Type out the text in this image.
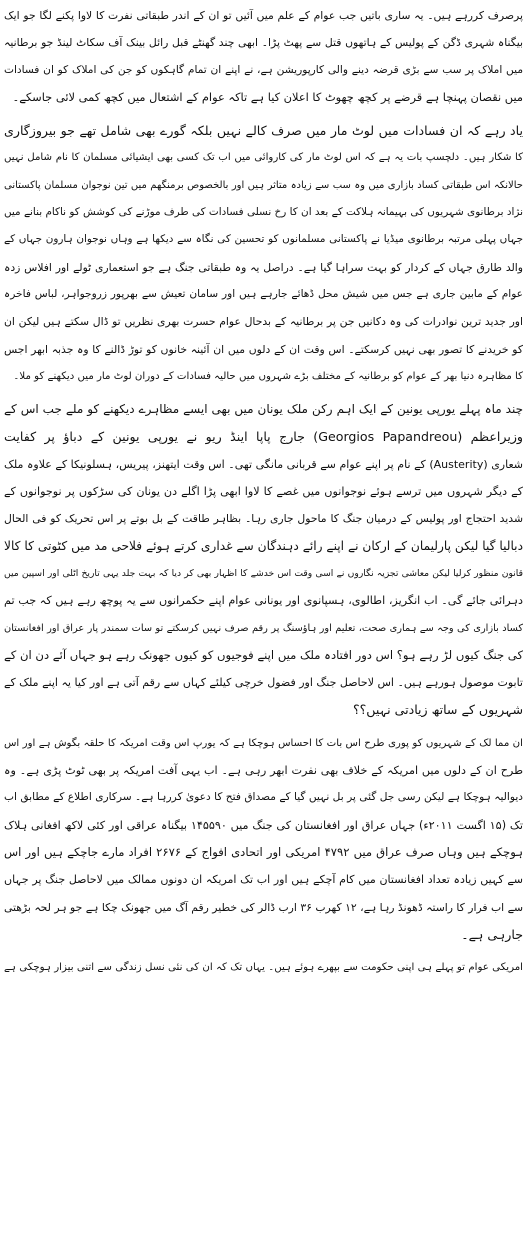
پرصرف کررہے ہیں۔ یہ ساری باتیں جب عوام کے علم میں آئیں تو ان کے اندر طبقاتی نفرت کا لاوا پکنے لگا جو ایک
بیگناہ شہری ڈگن کے پولیس کے ہاتھوں قتل سے پھٹ پڑا۔ ابھی چند گھنٹے قبل رائل بینک آف سکاٹ لینڈ جو برطانیہ
میں املاک پر سب سے بڑی قرضہ دینے والی کارپوریشن ہے، نے اپنے ان تمام گاہکوں کو جن کی املاک کو ان فسادات
میں نقصان پہنچا ہے قرضے پر کچھ چھوٹ کا اعلان کیا ہے تاکہ عوام کے اشتعال میں کچھ کمی لائی جاسکے۔
یاد رہے کہ ان فسادات میں لوٹ مار میں صرف کالے نہیں بلکہ گورے بھی شامل تھے جو بیروزگاری
کا شکار ہیں۔ دلچسپ بات یہ ہے کہ اس لوٹ مار کی کاروائی میں اب تک کسی بھی ایشیائی مسلمان کا نام شامل نہیں
حالانکہ اس طبقاتی کساد بازاری میں وہ سب سے زیادہ متاثر ہیں اور بالخصوص برمنگھم میں تین نوجوان مسلمان پاکستانی
نژاد برطانوی شہریوں کی بہیمانہ ہلاکت کے بعد ان کا رخ نسلی فسادات کی طرف موڑنے کی کوشش کو ناکام بنانے میں
جہاں پہلی مرتبہ برطانوی میڈیا نے پاکستانی مسلمانوں کو تحسین کی نگاہ سے دیکھا ہے وہاں نوجوان ہارون جہاں کے
والد طارق جہاں کے کردار کو بہت سراہا گیا ہے۔ دراصل یہ وہ طبقاتی جنگ ہے جو استعماری ٹولے اور افلاس زدہ
عوام کے مابین جاری ہے جس میں شیش محل ڈھائے جارہے ہیں اور سامان تعیش سے بھرپور زروجواہر، لباس فاخرہ
اور جدید ترین نوادرات کی وہ دکانیں جن پر برطانیہ کے بدحال عوام حسرت بھری نظریں تو ڈال سکتے ہیں لیکن ان
کو خریدنے کا تصور بھی نہیں کرسکتے۔ اس وقت ان کے دلوں میں ان آئینہ خانوں کو توڑ ڈالنے کا وہ جذبہ ابھر اجس
کا مظاہرہ دنیا بھر کے عوام کو برطانیہ کے مختلف بڑے شہروں میں حالیہ فسادات کے دوران لوٹ مار میں دیکھنے کو ملا۔
چند ماہ پہلے یورپی یونین کے ایک اہم رکن ملک یونان میں بھی ایسے مظاہرے دیکھنے کو ملے جب اس کے
وزیراعظم (Georgios Papandreou) جارج پاپا اینڈ ریو نے یورپی یونین کے دباؤ پر کفایت
شعاری (Austerity) کے نام پر اپنے عوام سے قربانی مانگی تھی۔ اس وقت ایتھنز، پیریس، ہسلونیکا کے علاوہ ملک
کے دیگر شہروں میں ترسے ہوئے نوجوانوں میں غصے کا لاوا ابھی پڑا اگلے دن یونان کی سڑکوں پر نوجوانوں کے
شدید احتجاج اور پولیس کے درمیان جنگ کا ماحول جاری رہا۔ بظاہر طاقت کے بل بوتے پر اس تحریک کو فی الحال
دبالیا گیا لیکن پارلیمان کے ارکان نے اپنے رائے دہندگان سے غداری کرتے ہوئے فلاحی مد میں کٹوتی کا کالا
قانون منظور کرلیا لیکن معاشی تجزیہ نگاروں نے اسی وقت اس خدشے کا اظہار بھی کر دیا کہ بہت جلد یہی تاریخ اٹلی اور اسپین میں
دہرائی جائے گی۔ اب انگریز، اطالوی، ہسپانوی اور یونانی عوام اپنے حکمرانوں سے یہ پوچھ رہے ہیں کہ جب تم
کساد بازاری کی وجہ سے ہماری صحت، تعلیم اور ہاؤسنگ پر رقم صرف نہیں کرسکتے تو سات سمندر پار عراق اور افغانستان
کی جنگ کیوں لڑ رہے ہو؟ اس دور افتادہ ملک میں اپنے فوجیوں کو کیوں جھونک رہے ہو جہاں آئے دن ان کے
تابوت موصول ہورہے ہیں۔ اس لاحاصل جنگ اور فضول خرچی کیلئے کہاں سے رقم آتی ہے اور کیا یہ اپنے ملک کے
شہریوں کے ساتھ زیادتی نہیں؟؟
ان مما لک کے شہریوں کو پوری طرح اس بات کا احساس ہوچکا ہے کہ یورپ اس وقت امریکہ کا حلقہ بگوش ہے اور اس
طرح ان کے دلوں میں امریکہ کے خلاف بھی نفرت ابھر رہی ہے۔ اب یہی آفت امریکہ پر بھی ٹوٹ پڑی ہے۔ وہ
دیوالیہ ہوچکا ہے لیکن رسی جل گئی پر بل نہیں گیا کے مصداق فتح کا دعویٰ کررہا ہے۔ سرکاری اطلاع کے مطابق اب
تک (۱۵ اگست ۲۰۱۱ء) جہاں عراق اور افغانستان کی جنگ میں ۱۴۵۵۹۰ بیگناہ عراقی اور کئی لاکھ افغانی ہلاک
ہوچکے ہیں وہاں صرف عراق میں ۴۷۹۲ امریکی اور اتحادی افواج کے ۲۶۷۶ افراد مارے جاچکے ہیں اور اس
سے کہیں زیادہ تعداد افغانستان میں کام آچکے ہیں اور اب تک امریکہ ان دونوں ممالک میں لاحاصل جنگ پر جہاں
سے اب فرار کا راستہ ڈھونڈ رہا ہے، ۱۲ کھرب ۳۶ ارب ڈالر کی خطیر رقم آگ میں جھونک چکا ہے جو ہر لحہ بڑھتی
جارہی ہے۔
امریکی عوام تو پہلے ہی اپنی حکومت سے بپھرے ہوئے ہیں۔ یہاں تک کہ ان کی نئی نسل زندگی سے اتنی بیزار ہوچکی ہے
